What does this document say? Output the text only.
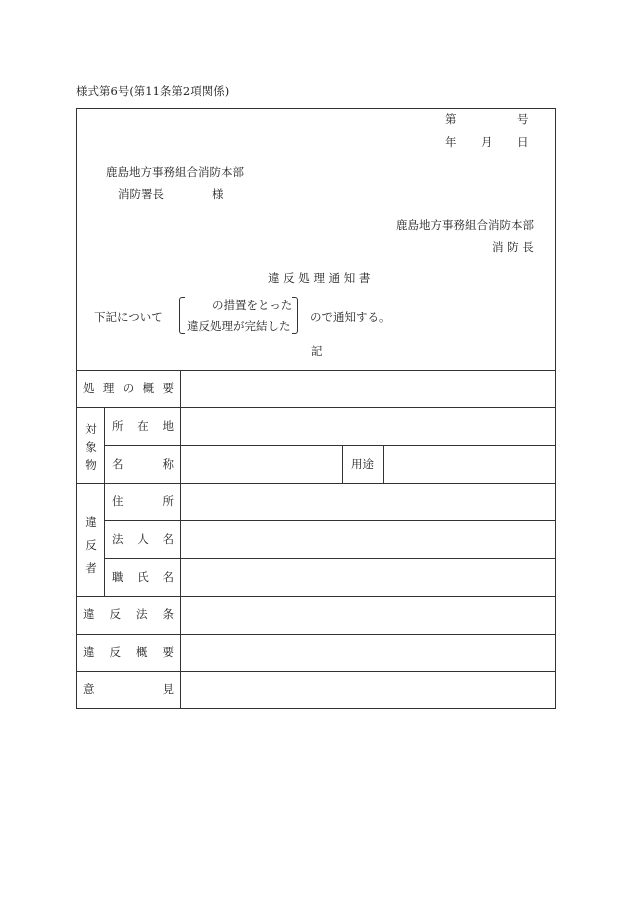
様式第6号(第11条第2項関係)
第	号
年 月 日
鹿島地方事務組合消防本部
消防署長	様
鹿島地方事務組合消防本部
消 防 長
違 反 処 理 通 知 書
下記について
の措置をとった
違反処理が完結した
ので通知する。
記
処 理 の 概 要
対象物
所 在 地
名	称	用途
違反者
住	所
法 人 名
職 氏 名
違 反 法 条
違 反 概 要
意	見
